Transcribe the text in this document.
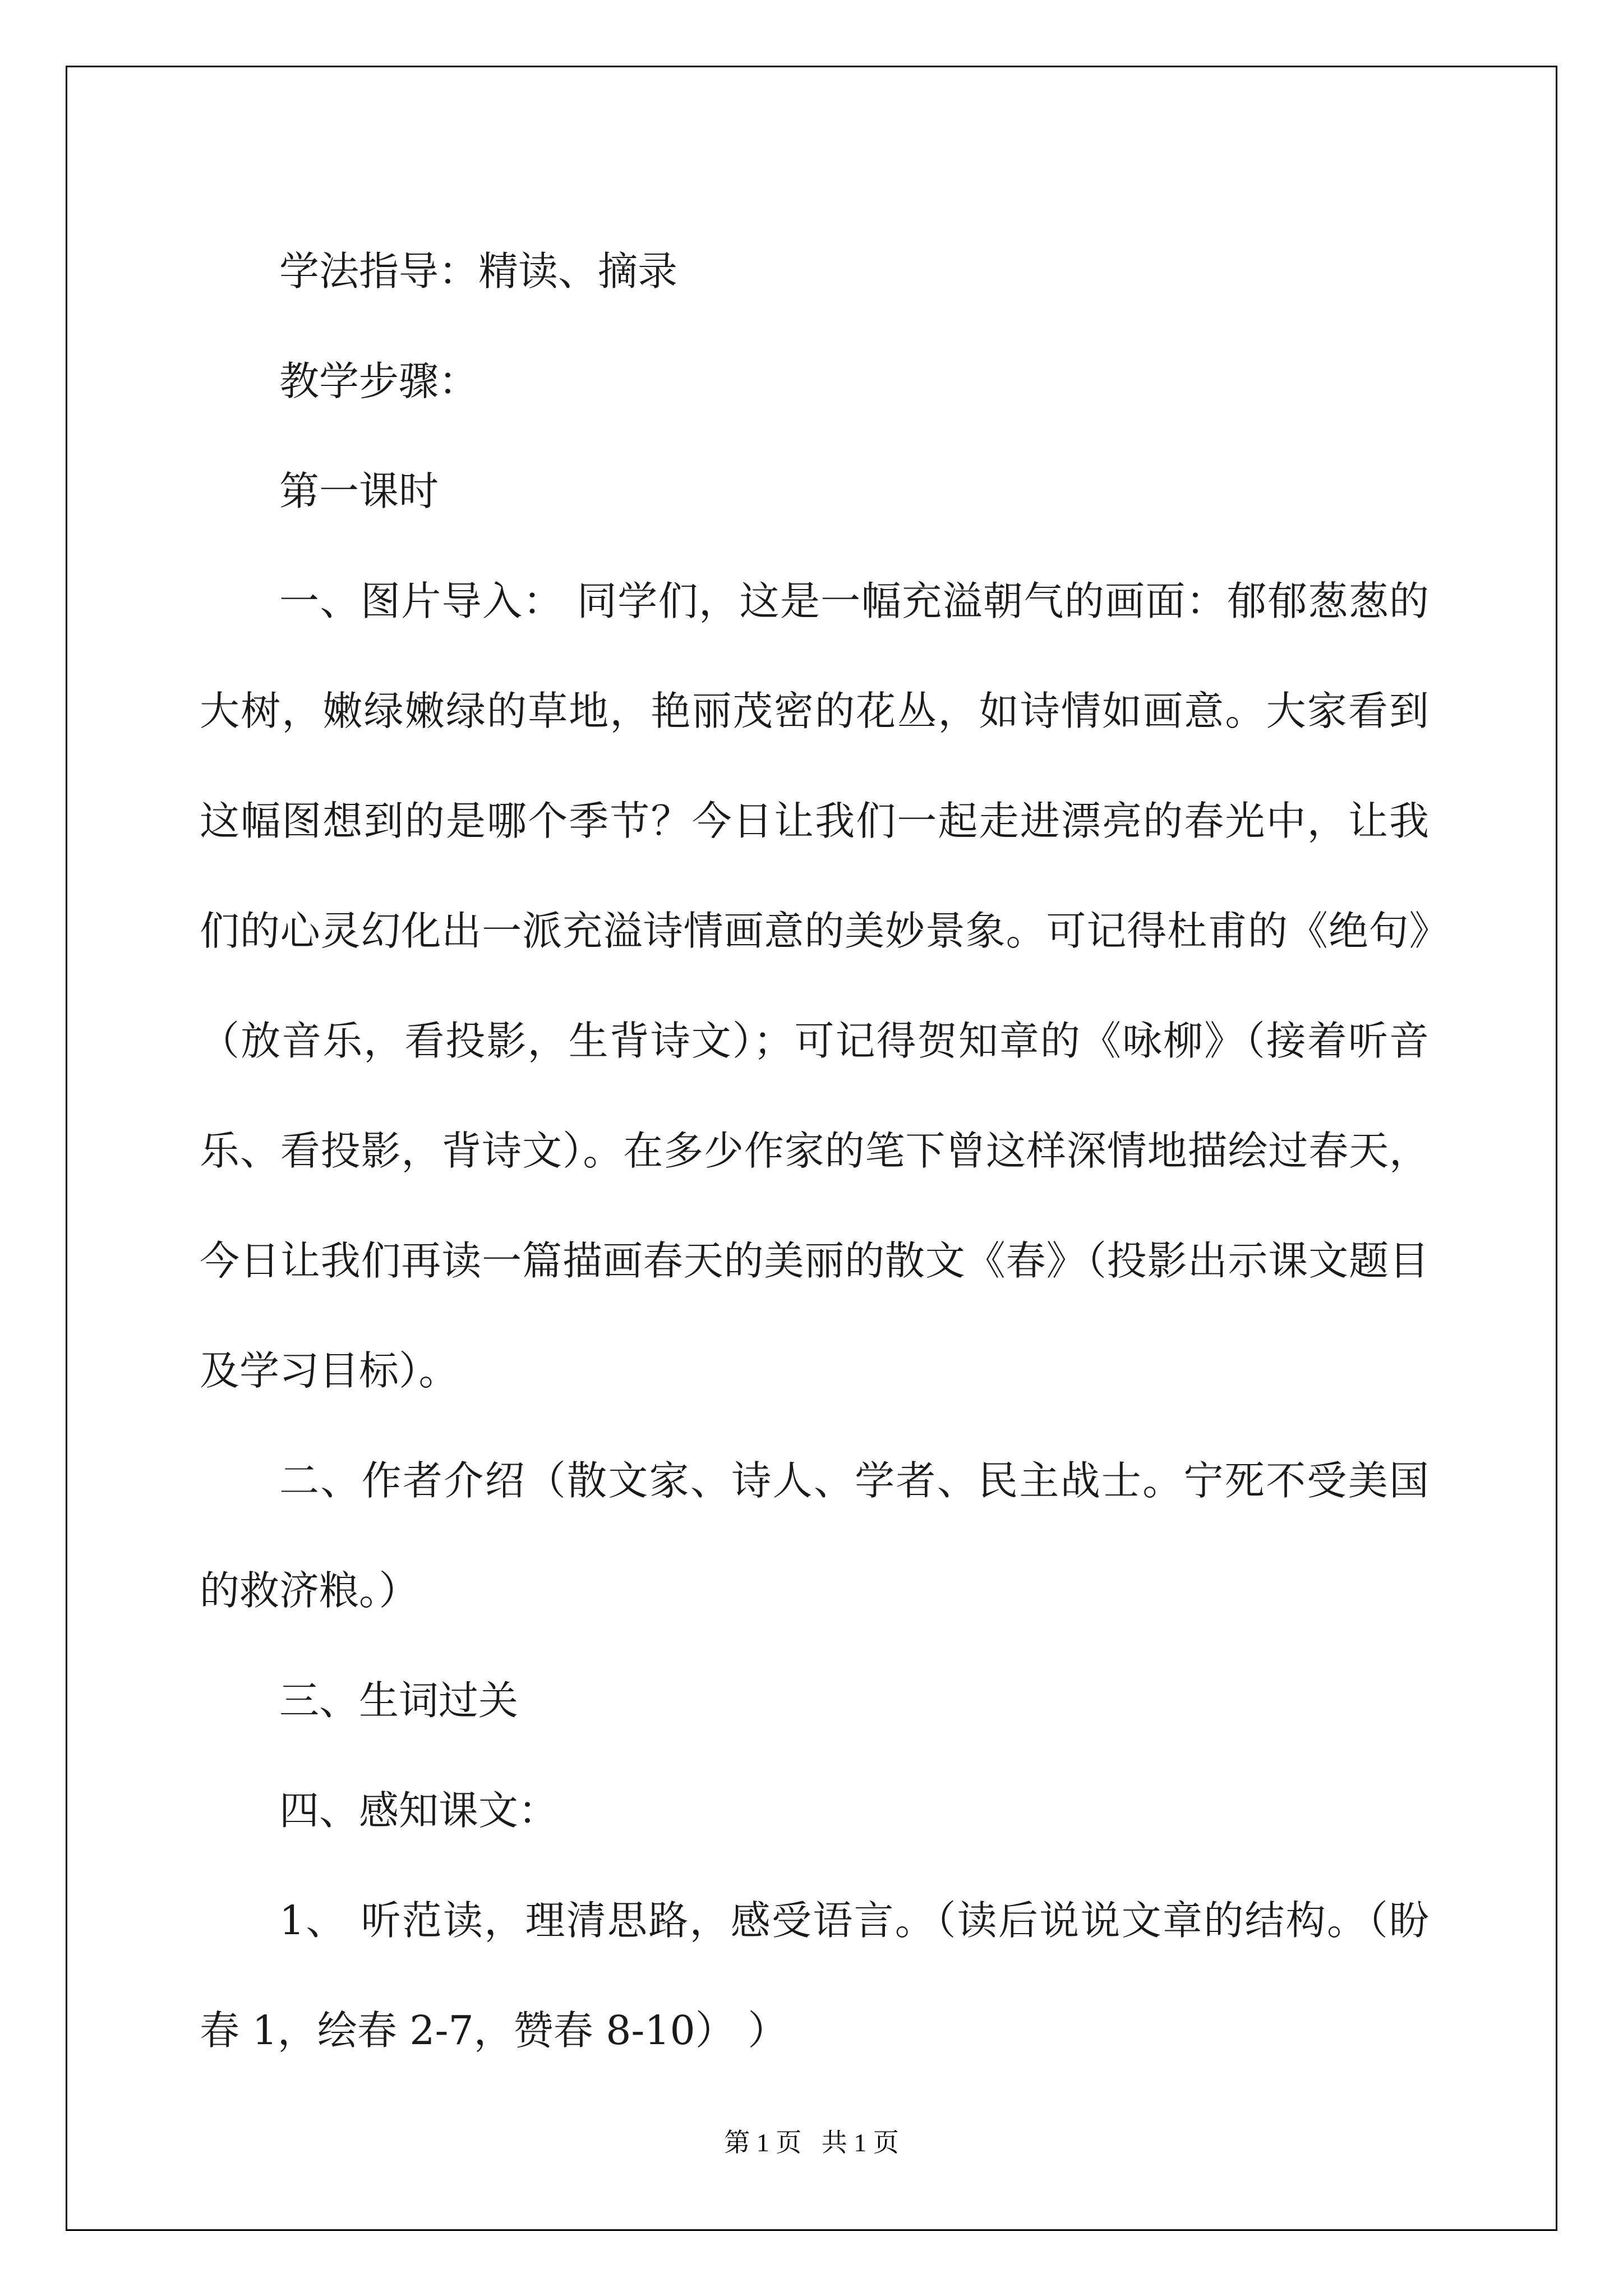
学法指导：精读、摘录

教学步骤：

第一课时

一、图片导入： 同学们，这是一幅充溢朝气的画面：郁郁葱葱的大树，嫩绿嫩绿的草地，艳丽茂密的花丛，如诗情如画意。大家看到这幅图想到的是哪个季节？今日让我们一起走进漂亮的春光中，让我们的心灵幻化出一派充溢诗情画意的美妙景象。可记得杜甫的《绝句》（放音乐，看投影，生背诗文）；可记得贺知章的《咏柳》（接着听音乐、看投影，背诗文）。在多少作家的笔下曾这样深情地描绘过春天，今日让我们再读一篇描画春天的美丽的散文《春》（投影出示课文题目及学习目标）。

二、作者介绍（散文家、诗人、学者、民主战士。宁死不受美国的救济粮。）

三、生词过关

四、感知课文：

1、 听范读，理清思路，感受语言。（读后说说文章的结构。（盼春 1，绘春 2-7，赞春 8-10） ）

第 1 页 共 1 页
